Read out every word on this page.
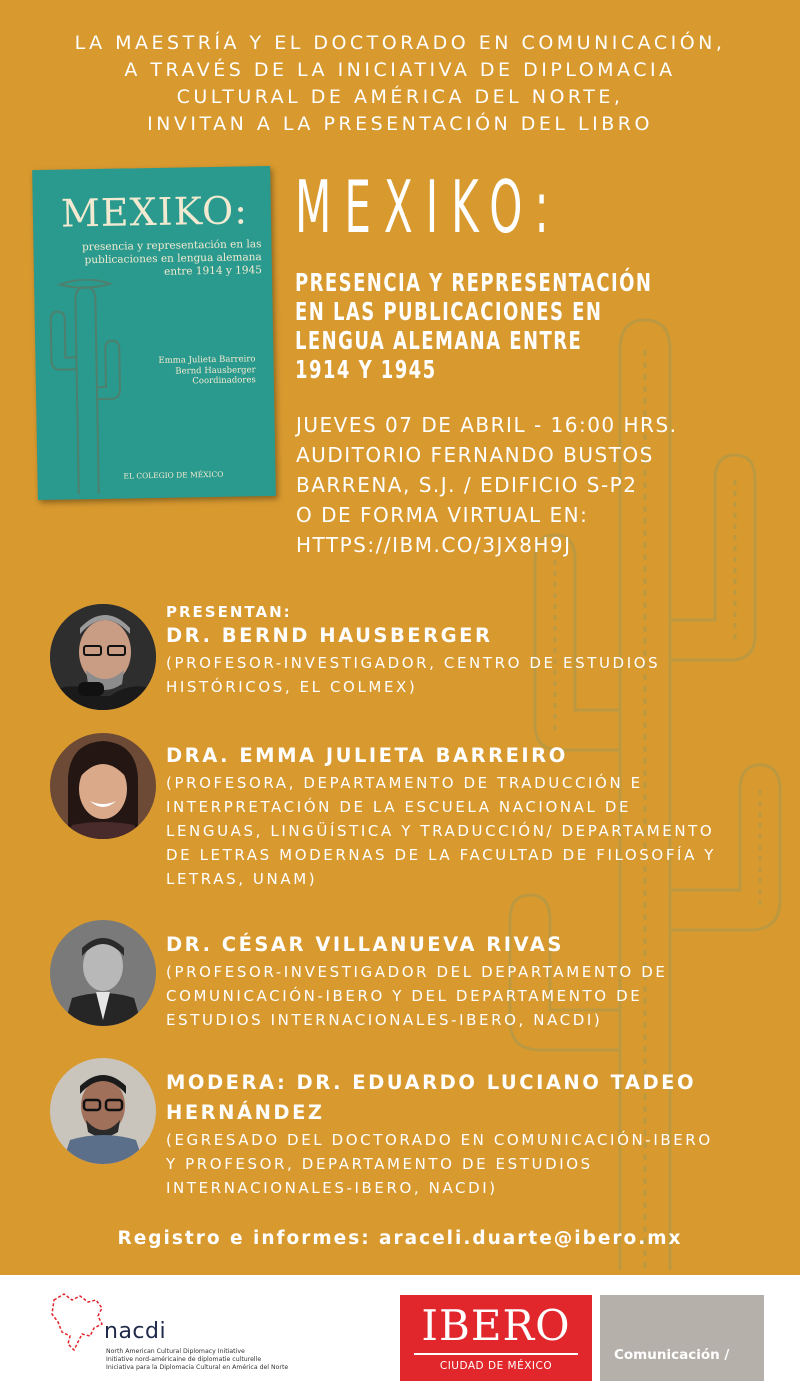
LA MAESTRÍA Y EL DOCTORADO EN COMUNICACIÓN,
A TRAVÉS DE LA INICIATIVA DE DIPLOMACIA
CULTURAL DE AMÉRICA DEL NORTE,
INVITAN A LA PRESENTACIÓN DEL LIBRO
MEXIKO:
presencia y representación en las publicaciones en lengua alemana entre 1914 y 1945
Emma Julieta Barreiro
Bernd Hausberger
Coordinadores
EL COLEGIO DE MÉXICO
MEXIKO:
PRESENCIA Y REPRESENTACIÓN
EN LAS PUBLICACIONES EN
LENGUA ALEMANA ENTRE
1914 Y 1945
JUEVES 07 DE ABRIL - 16:00 HRS.
AUDITORIO FERNANDO BUSTOS
BARRENA, S.J. / EDIFICIO S-P2
O DE FORMA VIRTUAL EN:
HTTPS://IBM.CO/3JX8H9J
PRESENTAN:
DR. BERND HAUSBERGER
(PROFESOR-INVESTIGADOR, CENTRO DE ESTUDIOS
HISTÓRICOS, EL COLMEX)
DRA. EMMA JULIETA BARREIRO
(PROFESORA, DEPARTAMENTO DE TRADUCCIÓN E
INTERPRETACIÓN DE LA ESCUELA NACIONAL DE
LENGUAS, LINGÜÍSTICA Y TRADUCCIÓN/ DEPARTAMENTO
DE LETRAS MODERNAS DE LA FACULTAD DE FILOSOFÍA Y
LETRAS, UNAM)
DR. CÉSAR VILLANUEVA RIVAS
(PROFESOR-INVESTIGADOR DEL DEPARTAMENTO DE
COMUNICACIÓN-IBERO Y DEL DEPARTAMENTO DE
ESTUDIOS INTERNACIONALES-IBERO, NACDI)
MODERA: DR. EDUARDO LUCIANO TADEO
HERNÁNDEZ
(EGRESADO DEL DOCTORADO EN COMUNICACIÓN-IBERO
Y PROFESOR, DEPARTAMENTO DE ESTUDIOS
INTERNACIONALES-IBERO, NACDI)
Registro e informes: araceli.duarte@ibero.mx
nacdi
North American Cultural Diplomacy Initiative
Initiative nord-américaine de diplomatie culturelle
Iniciativa para la Diplomacia Cultural en América del Norte
IBERO
CIUDAD DE MÉXICO
Comunicación /
